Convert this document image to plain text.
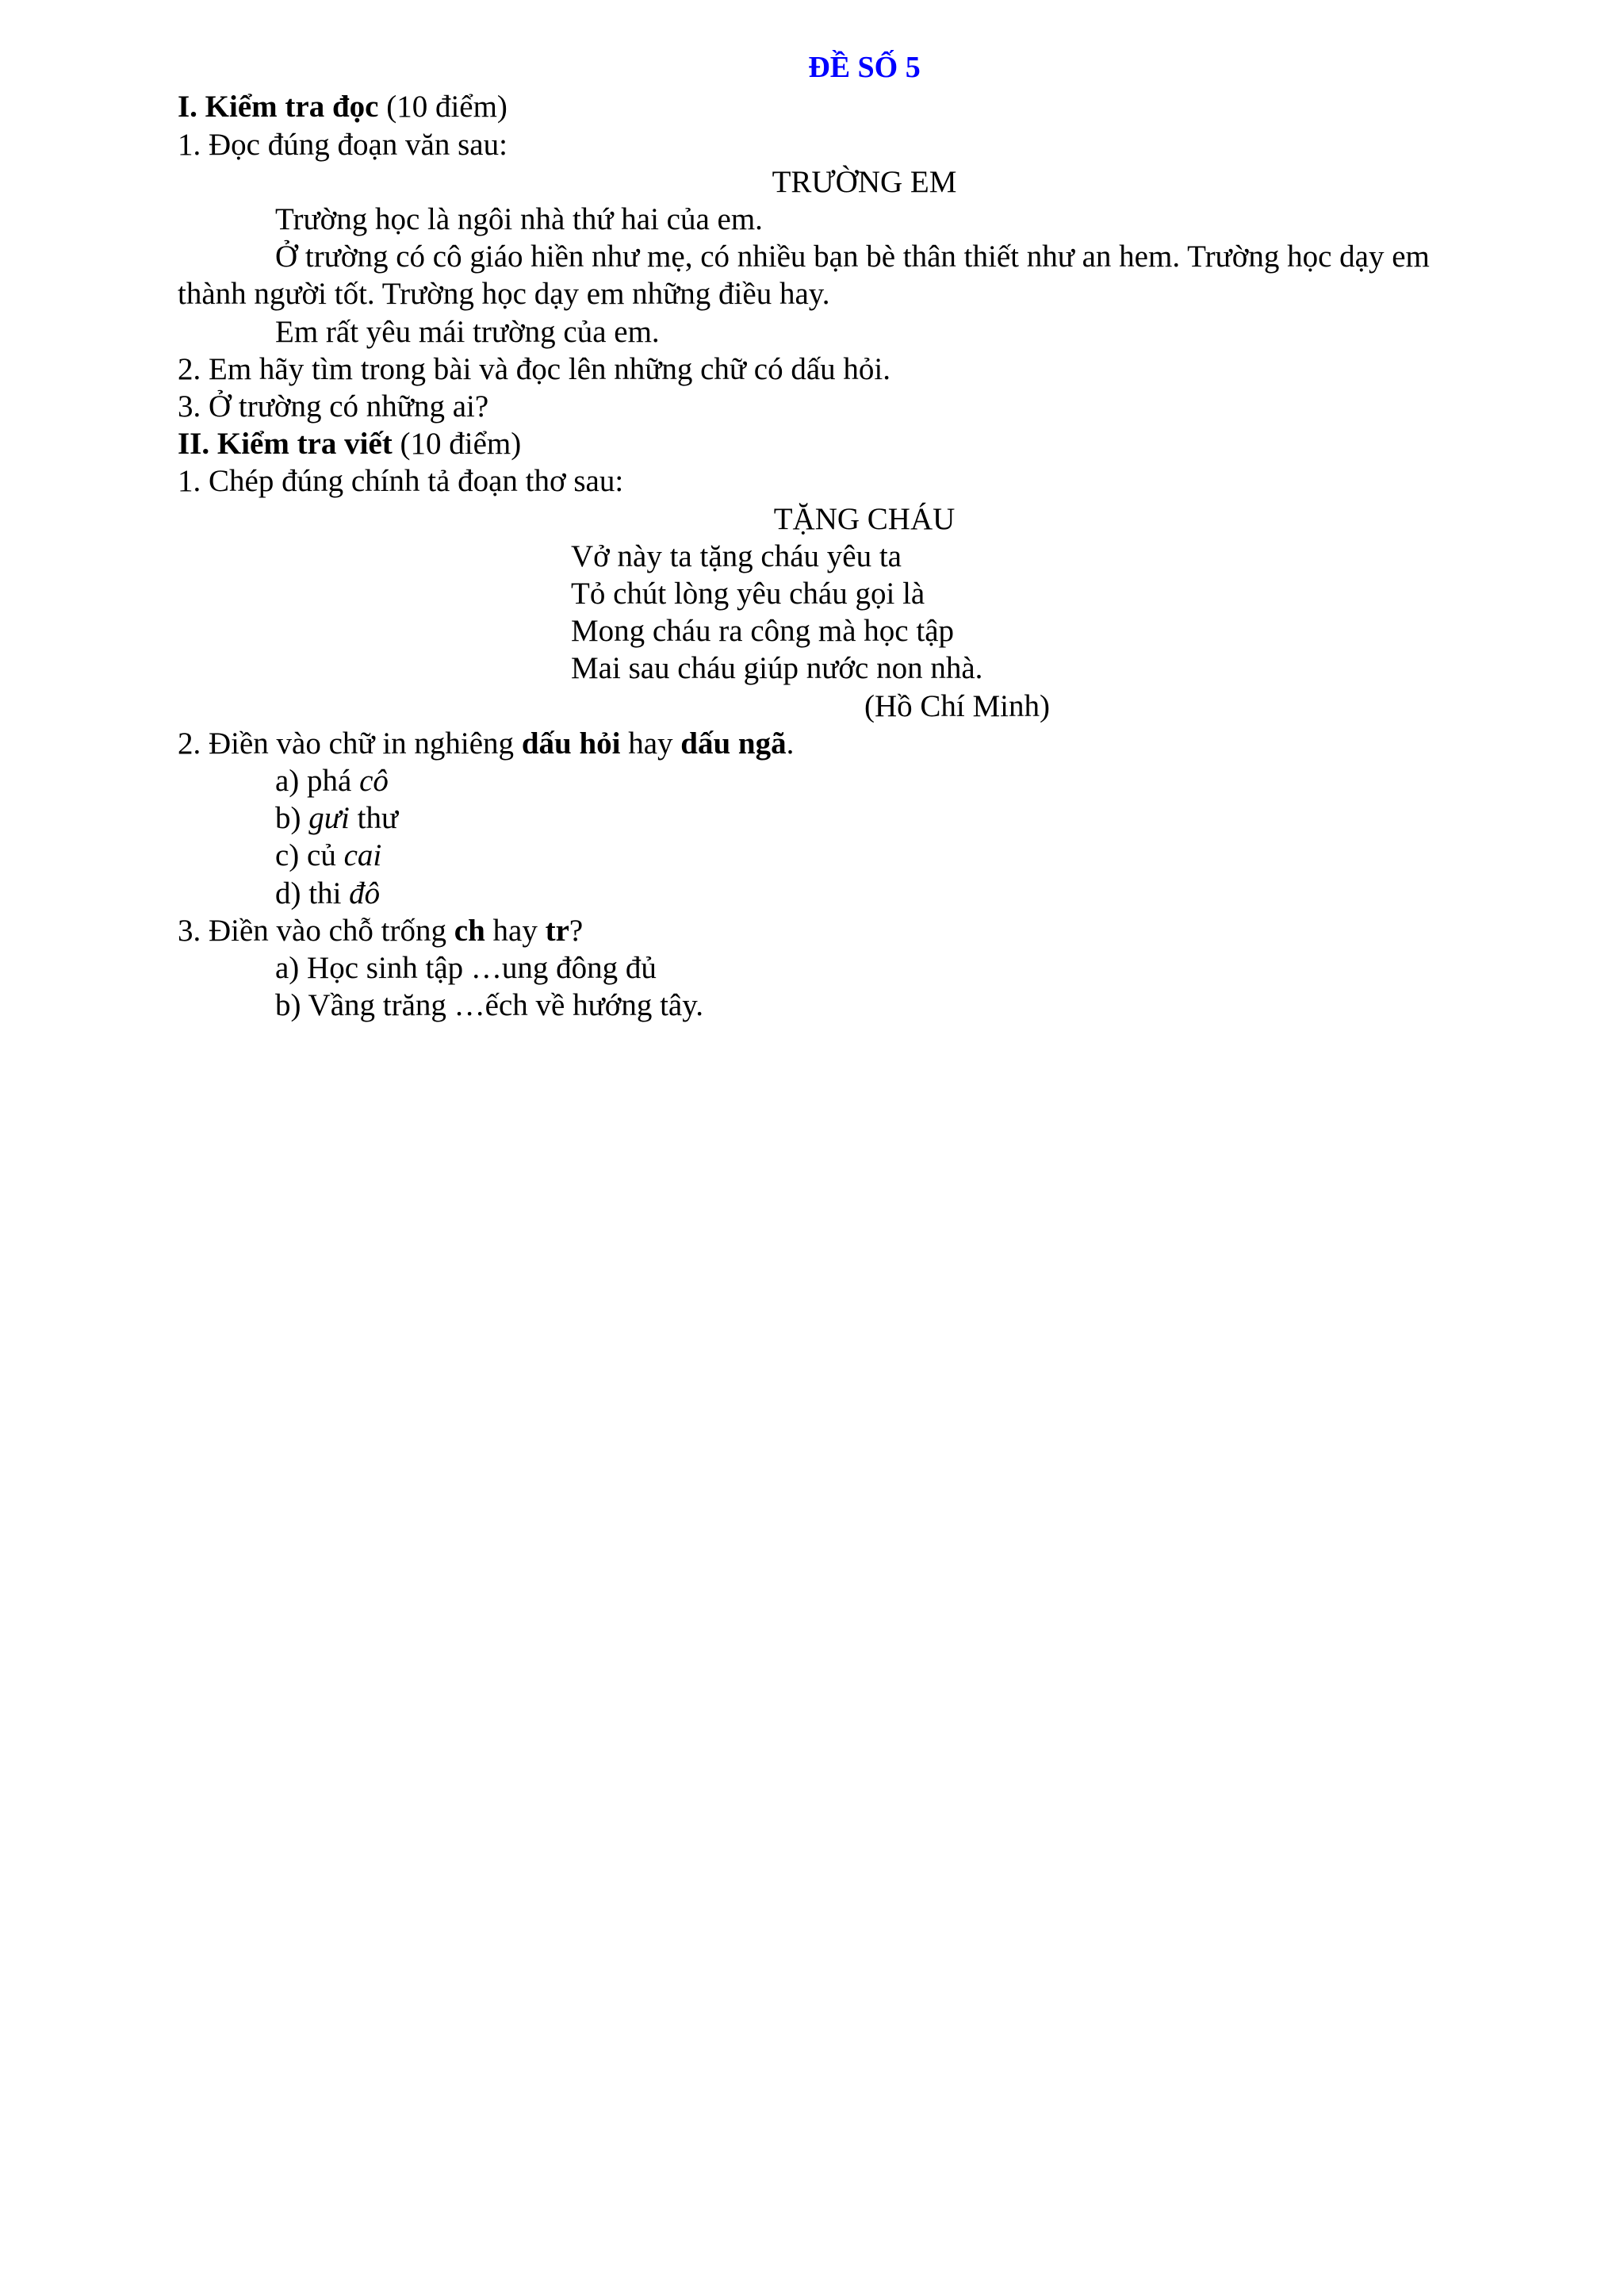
ĐỀ SỐ 5
I. Kiểm tra đọc (10 điểm)
1. Đọc đúng đoạn văn sau:
TRƯỜNG EM
Trường học là ngôi nhà thứ hai của em.
Ở trường có cô giáo hiền như mẹ, có nhiều bạn bè thân thiết như an hem. Trường học dạy em
thành người tốt. Trường học dạy em những điều hay.
Em rất yêu mái trường của em.
2. Em hãy tìm trong bài và đọc lên những chữ có dấu hỏi.
3. Ở trường có những ai?
II. Kiểm tra viết (10 điểm)
1. Chép đúng chính tả đoạn thơ sau:
TẶNG CHÁU
Vở này ta tặng cháu yêu ta
Tỏ chút lòng yêu cháu gọi là
Mong cháu ra công mà học tập
Mai sau cháu giúp nước non nhà.
(Hồ Chí Minh)
2. Điền vào chữ in nghiêng dấu hỏi hay dấu ngã.
a) phá cô
b) gưi thư
c) củ cai
d) thi đô
3. Điền vào chỗ trống ch hay tr?
a) Học sinh tập …ung đông đủ
b) Vầng trăng …ếch về hướng tây.
